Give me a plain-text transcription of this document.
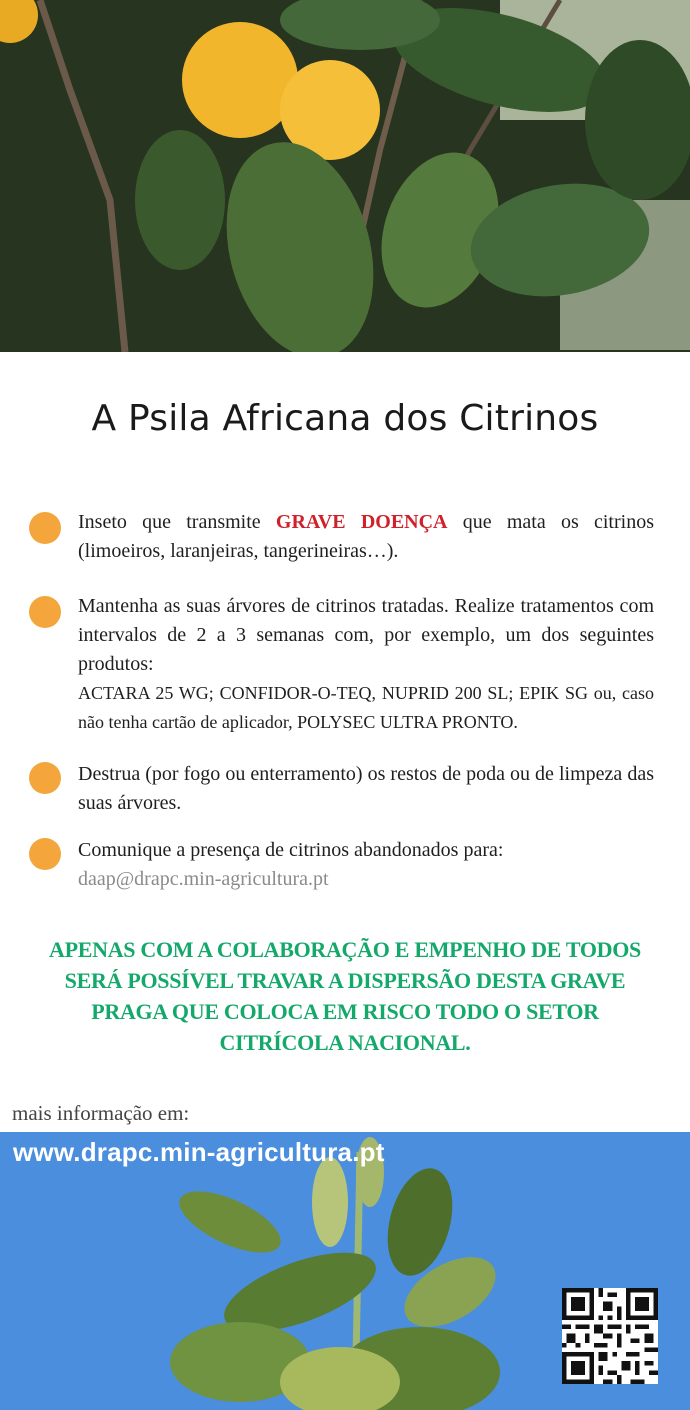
A Psila Africana dos Citrinos
Inseto que transmite GRAVE DOENÇA que mata os citrinos (limoeiros, laranjeiras, tangerineiras…).
Mantenha as suas árvores de citrinos tratadas. Realize tratamentos com intervalos de 2 a 3 semanas com, por exemplo, um dos seguintes produtos:
ACTARA 25 WG; CONFIDOR-O-TEQ, NUPRID 200 SL; EPIK SG ou, caso não tenha cartão de aplicador, POLYSEC ULTRA PRONTO.
Destrua (por fogo ou enterramento) os restos de poda ou de limpeza das suas árvores.
Comunique a presença de citrinos abandonados para:
daap@drapc.min-agricultura.pt
APENAS COM A COLABORAÇÃO E EMPENHO DE TODOS SERÁ POSSÍVEL TRAVAR A DISPERSÃO DESTA GRAVE PRAGA QUE COLOCA EM RISCO TODO O SETOR CITRÍCOLA NACIONAL.
mais informação em:
www.drapc.min-agricultura.pt
